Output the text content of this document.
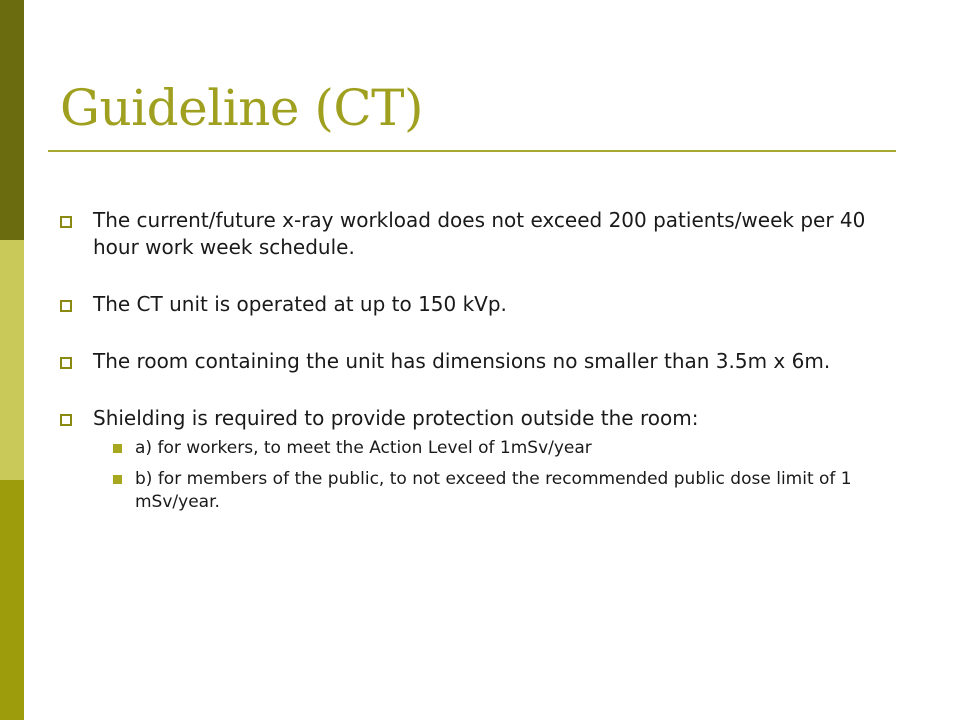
Guideline (CT)
The current/future x-ray workload does not exceed 200 patients/week per 40 hour work week schedule.
The CT unit is operated at up to 150 kVp.
The room containing the unit has dimensions no smaller than 3.5m x 6m.
Shielding is required to provide protection outside the room:
a) for workers, to meet the Action Level of 1mSv/year
b) for members of the public, to not exceed the recommended public dose limit of 1 mSv/year.
